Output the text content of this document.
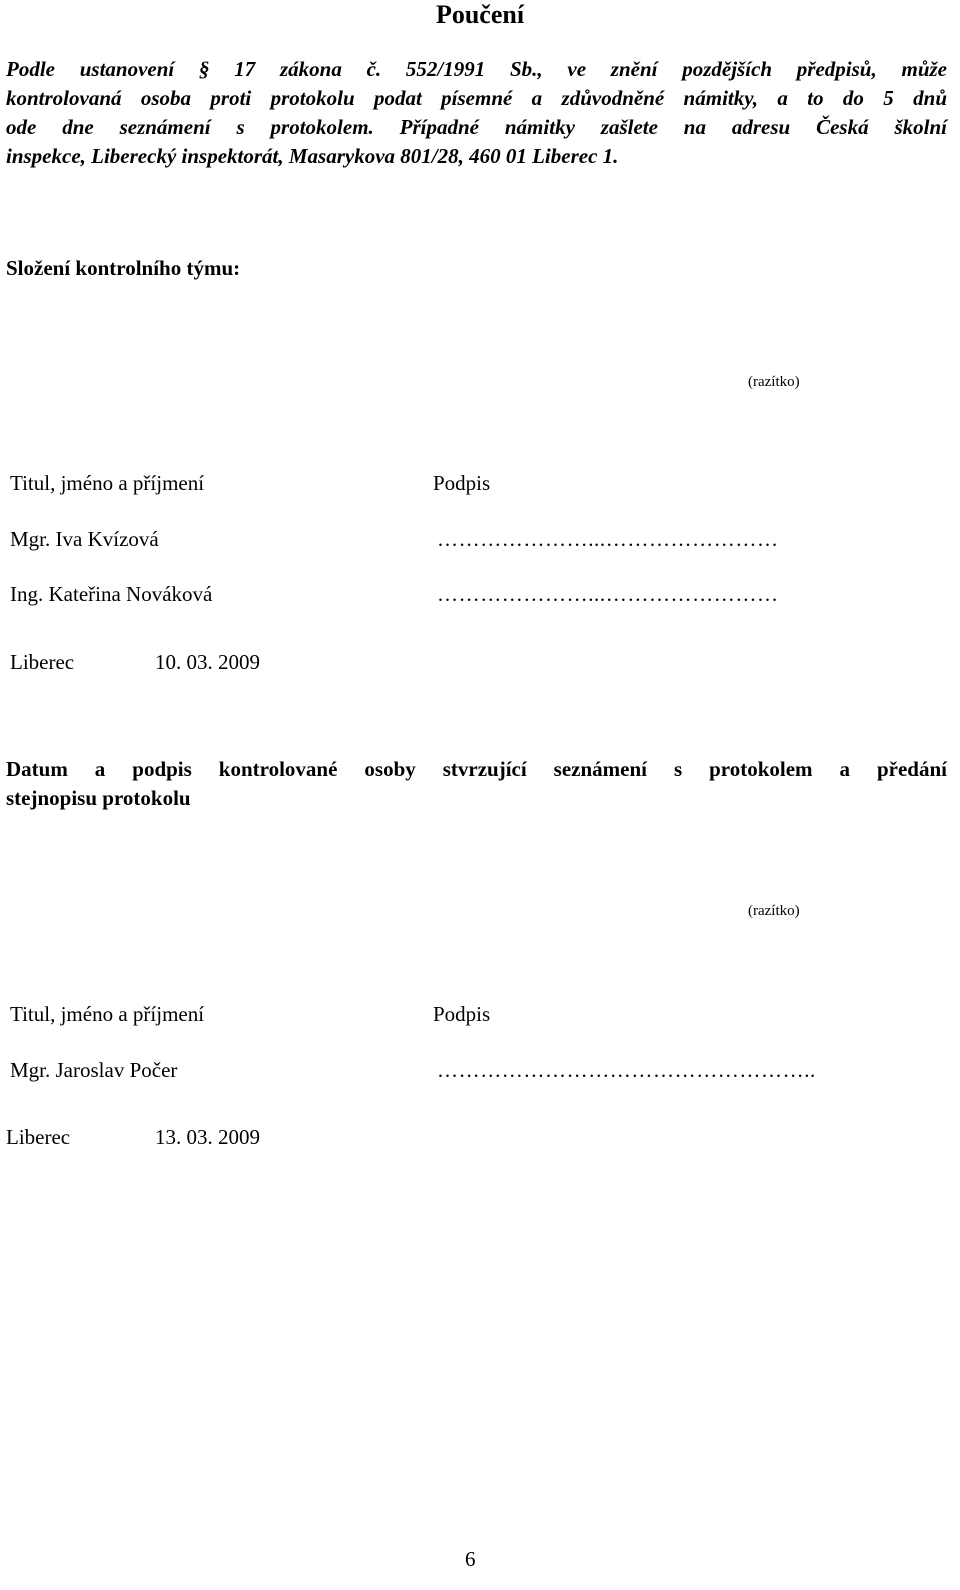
Poučení
Podle ustanovení § 17 zákona č. 552/1991 Sb., ve znění pozdějších předpisů, může
kontrolovaná osoba proti protokolu podat písemné a zdůvodněné námitky, a to do 5 dnů
ode dne seznámení s protokolem. Případné námitky zašlete na adresu Česká školní
inspekce, Liberecký inspektorát, Masarykova 801/28, 460 01 Liberec 1.
Složení kontrolního týmu:
(razítko)
Titul, jméno a příjmení	Podpis
Mgr. Iva Kvízová	…………………...……………………
Ing. Kateřina Nováková	…………………...……………………
Liberec	10. 03. 2009
Datum a podpis kontrolované osoby stvrzující seznámení s protokolem a předání
stejnopisu protokolu
(razítko)
Titul, jméno a příjmení	Podpis
Mgr. Jaroslav Počer	……………………………………………..
Liberec	13. 03. 2009
6
